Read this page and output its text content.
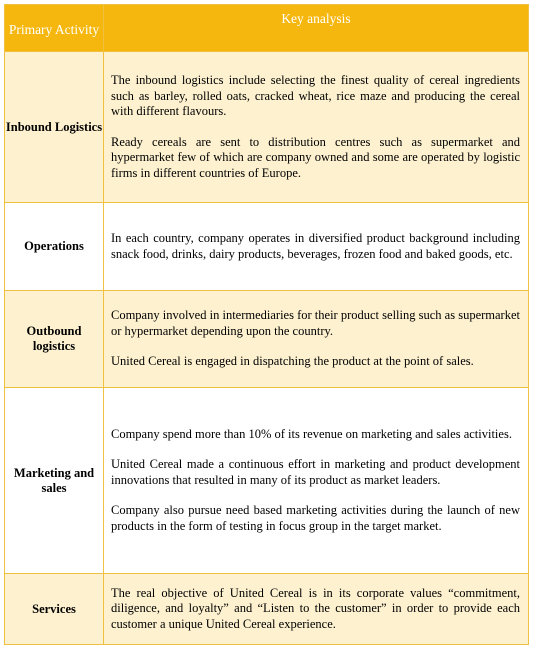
Primary Activity	Key analysis
Inbound Logistics	The inbound logistics include selecting the finest quality of cereal ingredients such as barley, rolled oats, cracked wheat, rice maze and producing the cereal with different flavours.

Ready cereals are sent to distribution centres such as supermarket and hypermarket few of which are company owned and some are operated by logistic firms in different countries of Europe.

Operations	In each country, company operates in diversified product background including snack food, drinks, dairy products, beverages, frozen food and baked goods, etc.

Outbound logistics	Company involved in intermediaries for their product selling such as supermarket or hypermarket depending upon the country.

United Cereal is engaged in dispatching the product at the point of sales.

Marketing and sales	Company spend more than 10% of its revenue on marketing and sales activities.

United Cereal made a continuous effort in marketing and product development innovations that resulted in many of its product as market leaders.

Company also pursue need based marketing activities during the launch of new products in the form of testing in focus group in the target market.

Services	The real objective of United Cereal is in its corporate values “commitment, diligence, and loyalty” and “Listen to the customer” in order to provide each customer a unique United Cereal experience.
